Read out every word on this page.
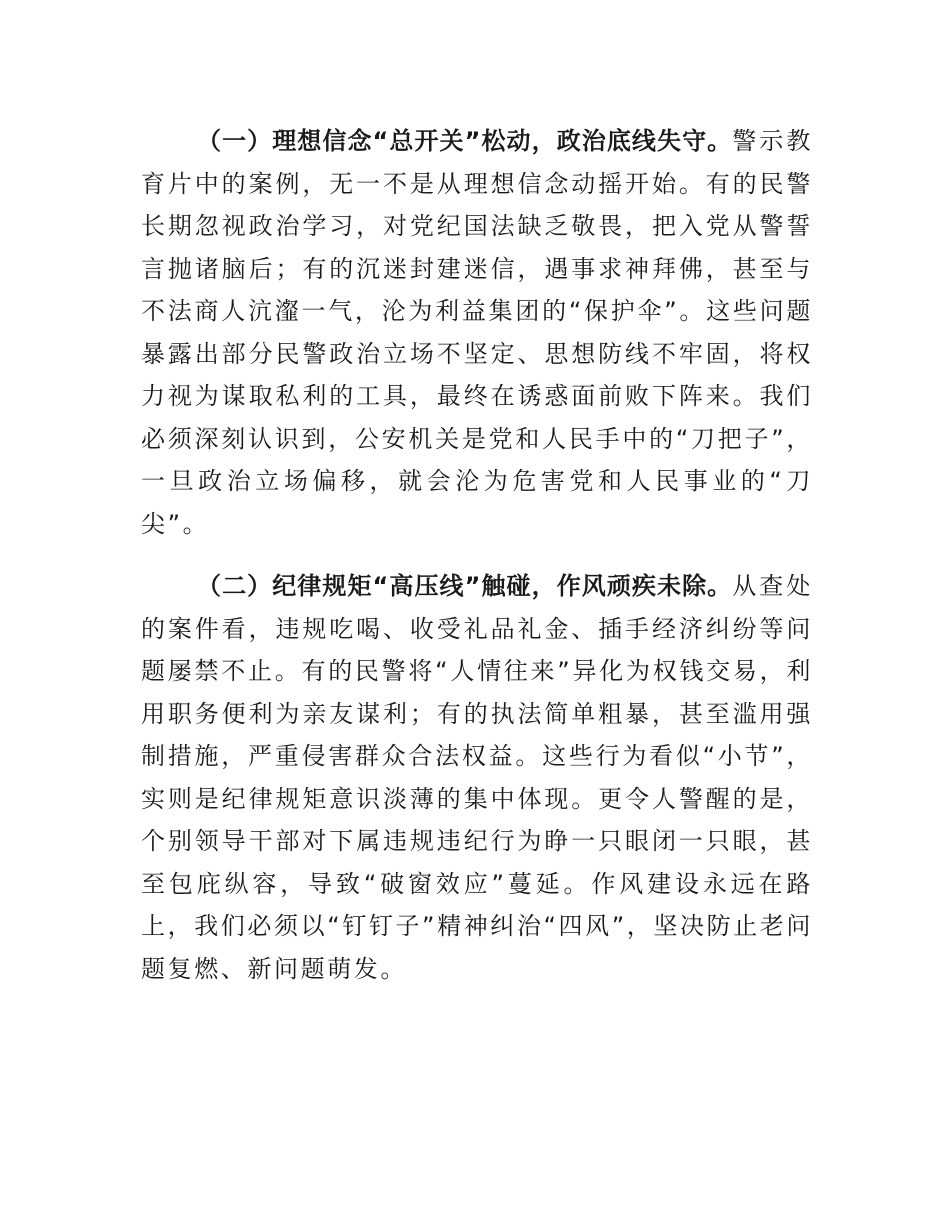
（一）理想信念“总开关”松动，政治底线失守。警示教育片中的案例，无一不是从理想信念动摇开始。有的民警长期忽视政治学习，对党纪国法缺乏敬畏，把入党从警誓言抛诸脑后；有的沉迷封建迷信，遇事求神拜佛，甚至与不法商人沆瀣一气，沦为利益集团的“保护伞”。这些问题暴露出部分民警政治立场不坚定、思想防线不牢固，将权力视为谋取私利的工具，最终在诱惑面前败下阵来。我们必须深刻认识到，公安机关是党和人民手中的“刀把子”，一旦政治立场偏移，就会沦为危害党和人民事业的“刀尖”。

（二）纪律规矩“高压线”触碰，作风顽疾未除。从查处的案件看，违规吃喝、收受礼品礼金、插手经济纠纷等问题屡禁不止。有的民警将“人情往来”异化为权钱交易，利用职务便利为亲友谋利；有的执法简单粗暴，甚至滥用强制措施，严重侵害群众合法权益。这些行为看似“小节”，实则是纪律规矩意识淡薄的集中体现。更令人警醒的是，个别领导干部对下属违规违纪行为睁一只眼闭一只眼，甚至包庇纵容，导致“破窗效应”蔓延。作风建设永远在路上，我们必须以“钉钉子”精神纠治“四风”，坚决防止老问题复燃、新问题萌发。
